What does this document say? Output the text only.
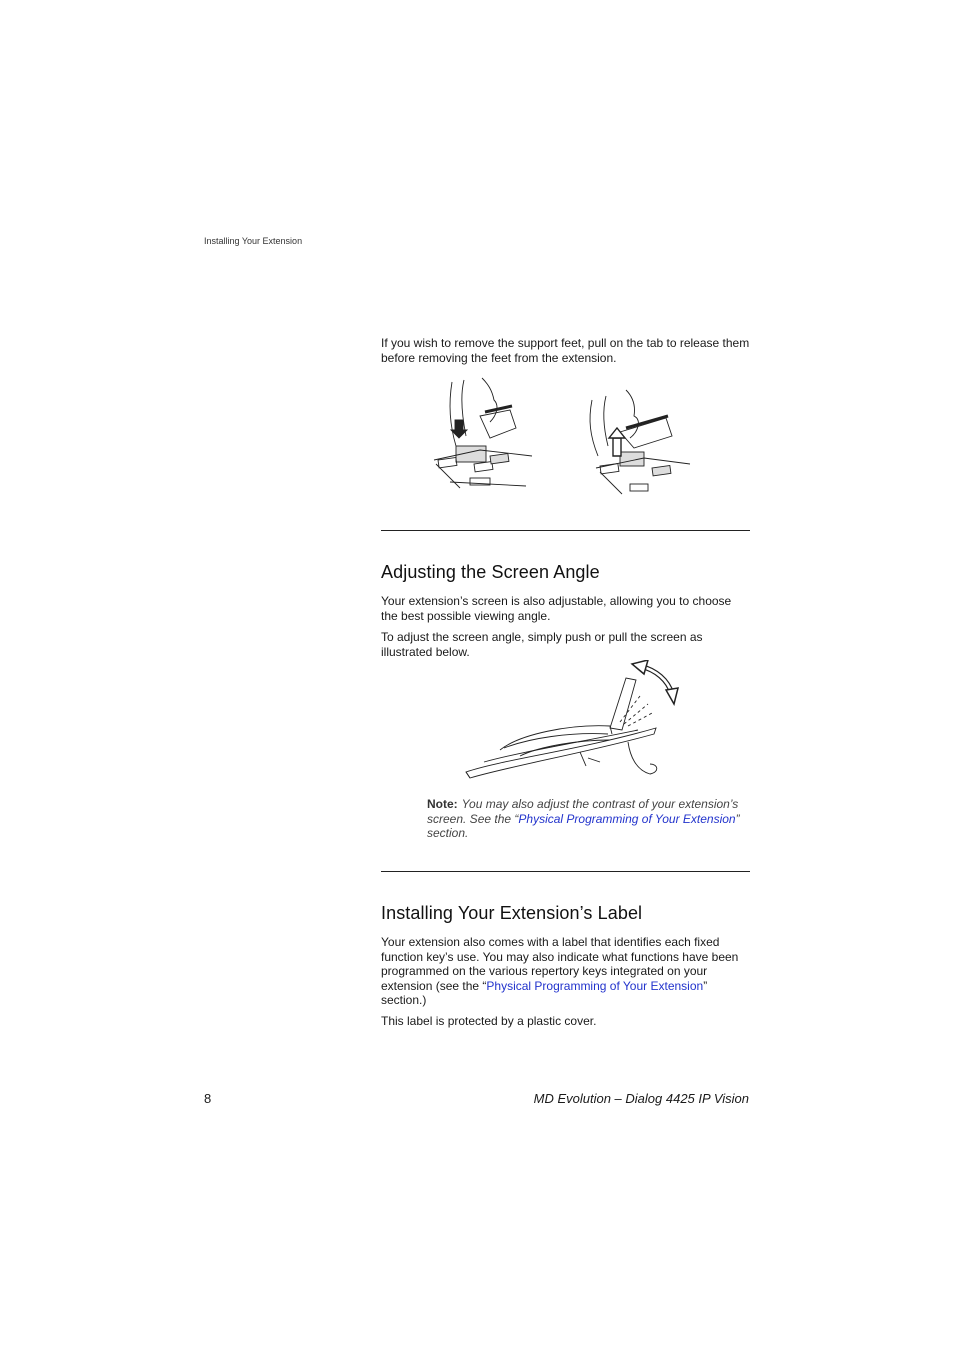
Installing Your Extension

If you wish to remove the support feet, pull on the tab to release them before removing the feet from the extension.

Adjusting the Screen Angle

Your extension’s screen is also adjustable, allowing you to choose the best possible viewing angle.

To adjust the screen angle, simply push or pull the screen as illustrated below.

Note: You may also adjust the contrast of your extension’s screen. See the “Physical Programming of Your Extension” section.
Installing Your Extension’s Label

Your extension also comes with a label that identifies each fixed function key’s use. You may also indicate what functions have been programmed on the various repertory keys integrated on your extension (see the “Physical Programming of Your Extension” section.)

This label is protected by a plastic cover.

8	MD Evolution – Dialog 4425 IP Vision
